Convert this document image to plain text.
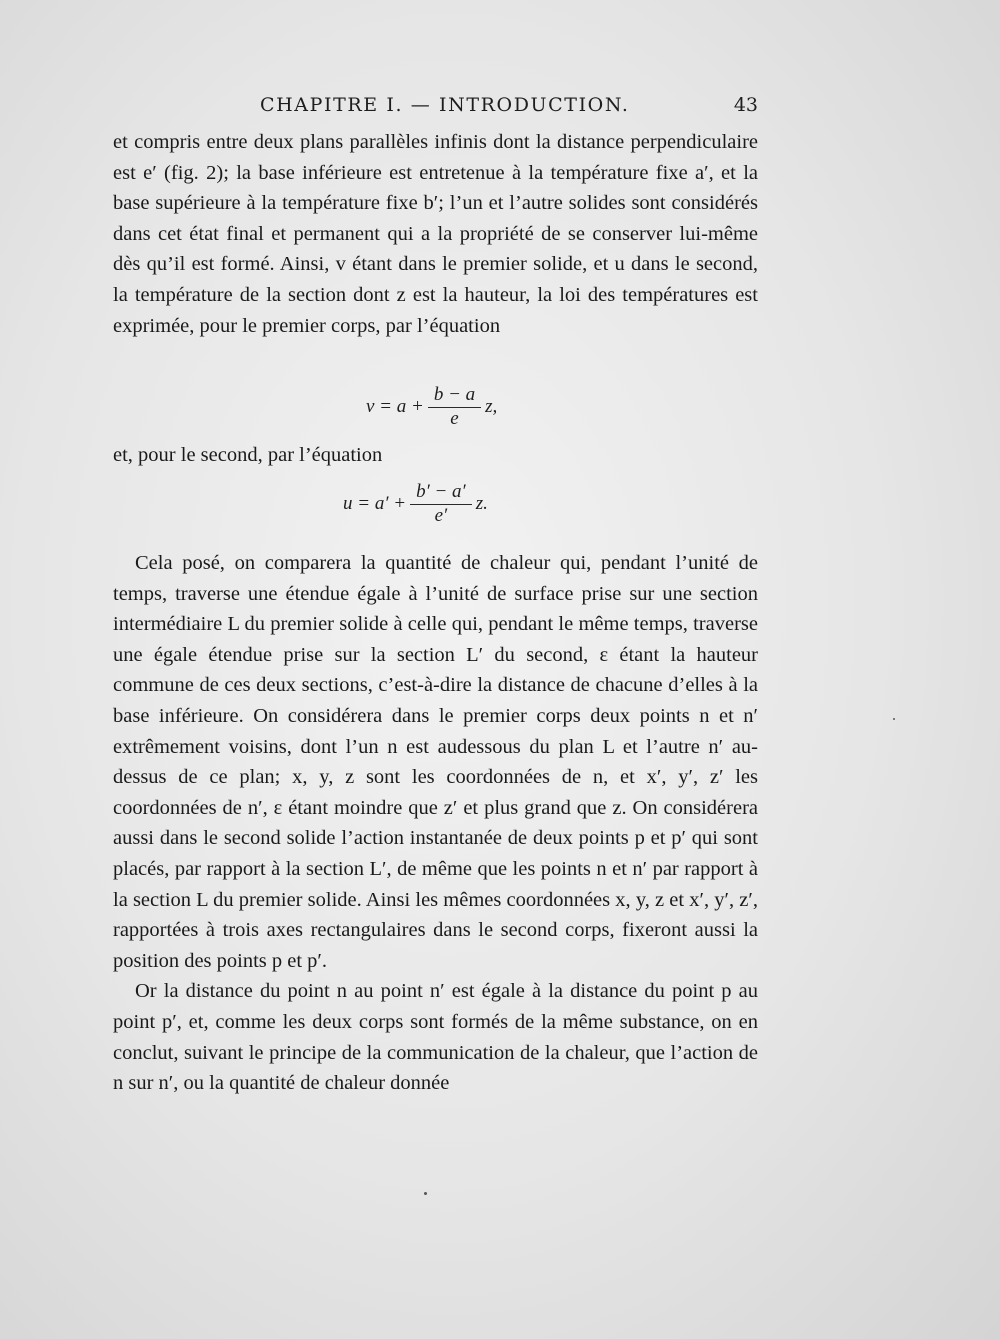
CHAPITRE I. — INTRODUCTION.	43

et compris entre deux plans parallèles infinis dont la distance perpendiculaire est e′ (fig. 2); la base inférieure est entretenue à la température fixe a′, et la base supérieure à la température fixe b′; l’un et l’autre solides sont considérés dans cet état final et permanent qui a la propriété de se conserver lui-même dès qu’il est formé. Ainsi, v étant dans le premier solide, et u dans le second, la température de la section dont z est la hauteur, la loi des températures est exprimée, pour le premier corps, par l’équation

$v = a + \frac{b - a}{e} z$,

et, pour le second, par l’équation

$u = a' + \frac{b' - a'}{e'} z$.

Cela posé, on comparera la quantité de chaleur qui, pendant l’unité de temps, traverse une étendue égale à l’unité de surface prise sur une section intermédiaire L du premier solide à celle qui, pendant le même temps, traverse une égale étendue prise sur la section L′ du second, ε étant la hauteur commune de ces deux sections, c’est-à-dire la distance de chacune d’elles à la base inférieure. On considérera dans le premier corps deux points n et n′ extrêmement voisins, dont l’un n est audessous du plan L et l’autre n′ au-dessus de ce plan; x, y, z sont les coordonnées de n, et x′, y′, z′ les coordonnées de n′, ε étant moindre que z′ et plus grand que z. On considérera aussi dans le second solide l’action instantanée de deux points p et p′ qui sont placés, par rapport à la section L′, de même que les points n et n′ par rapport à la section L du premier solide. Ainsi les mêmes coordonnées x, y, z et x′, y′, z′, rapportées à trois axes rectangulaires dans le second corps, fixeront aussi la position des points p et p′.

Or la distance du point n au point n′ est égale à la distance du point p au point p′, et, comme les deux corps sont formés de la même substance, on en conclut, suivant le principe de la communication de la chaleur, que l’action de n sur n′, ou la quantité de chaleur donnée
